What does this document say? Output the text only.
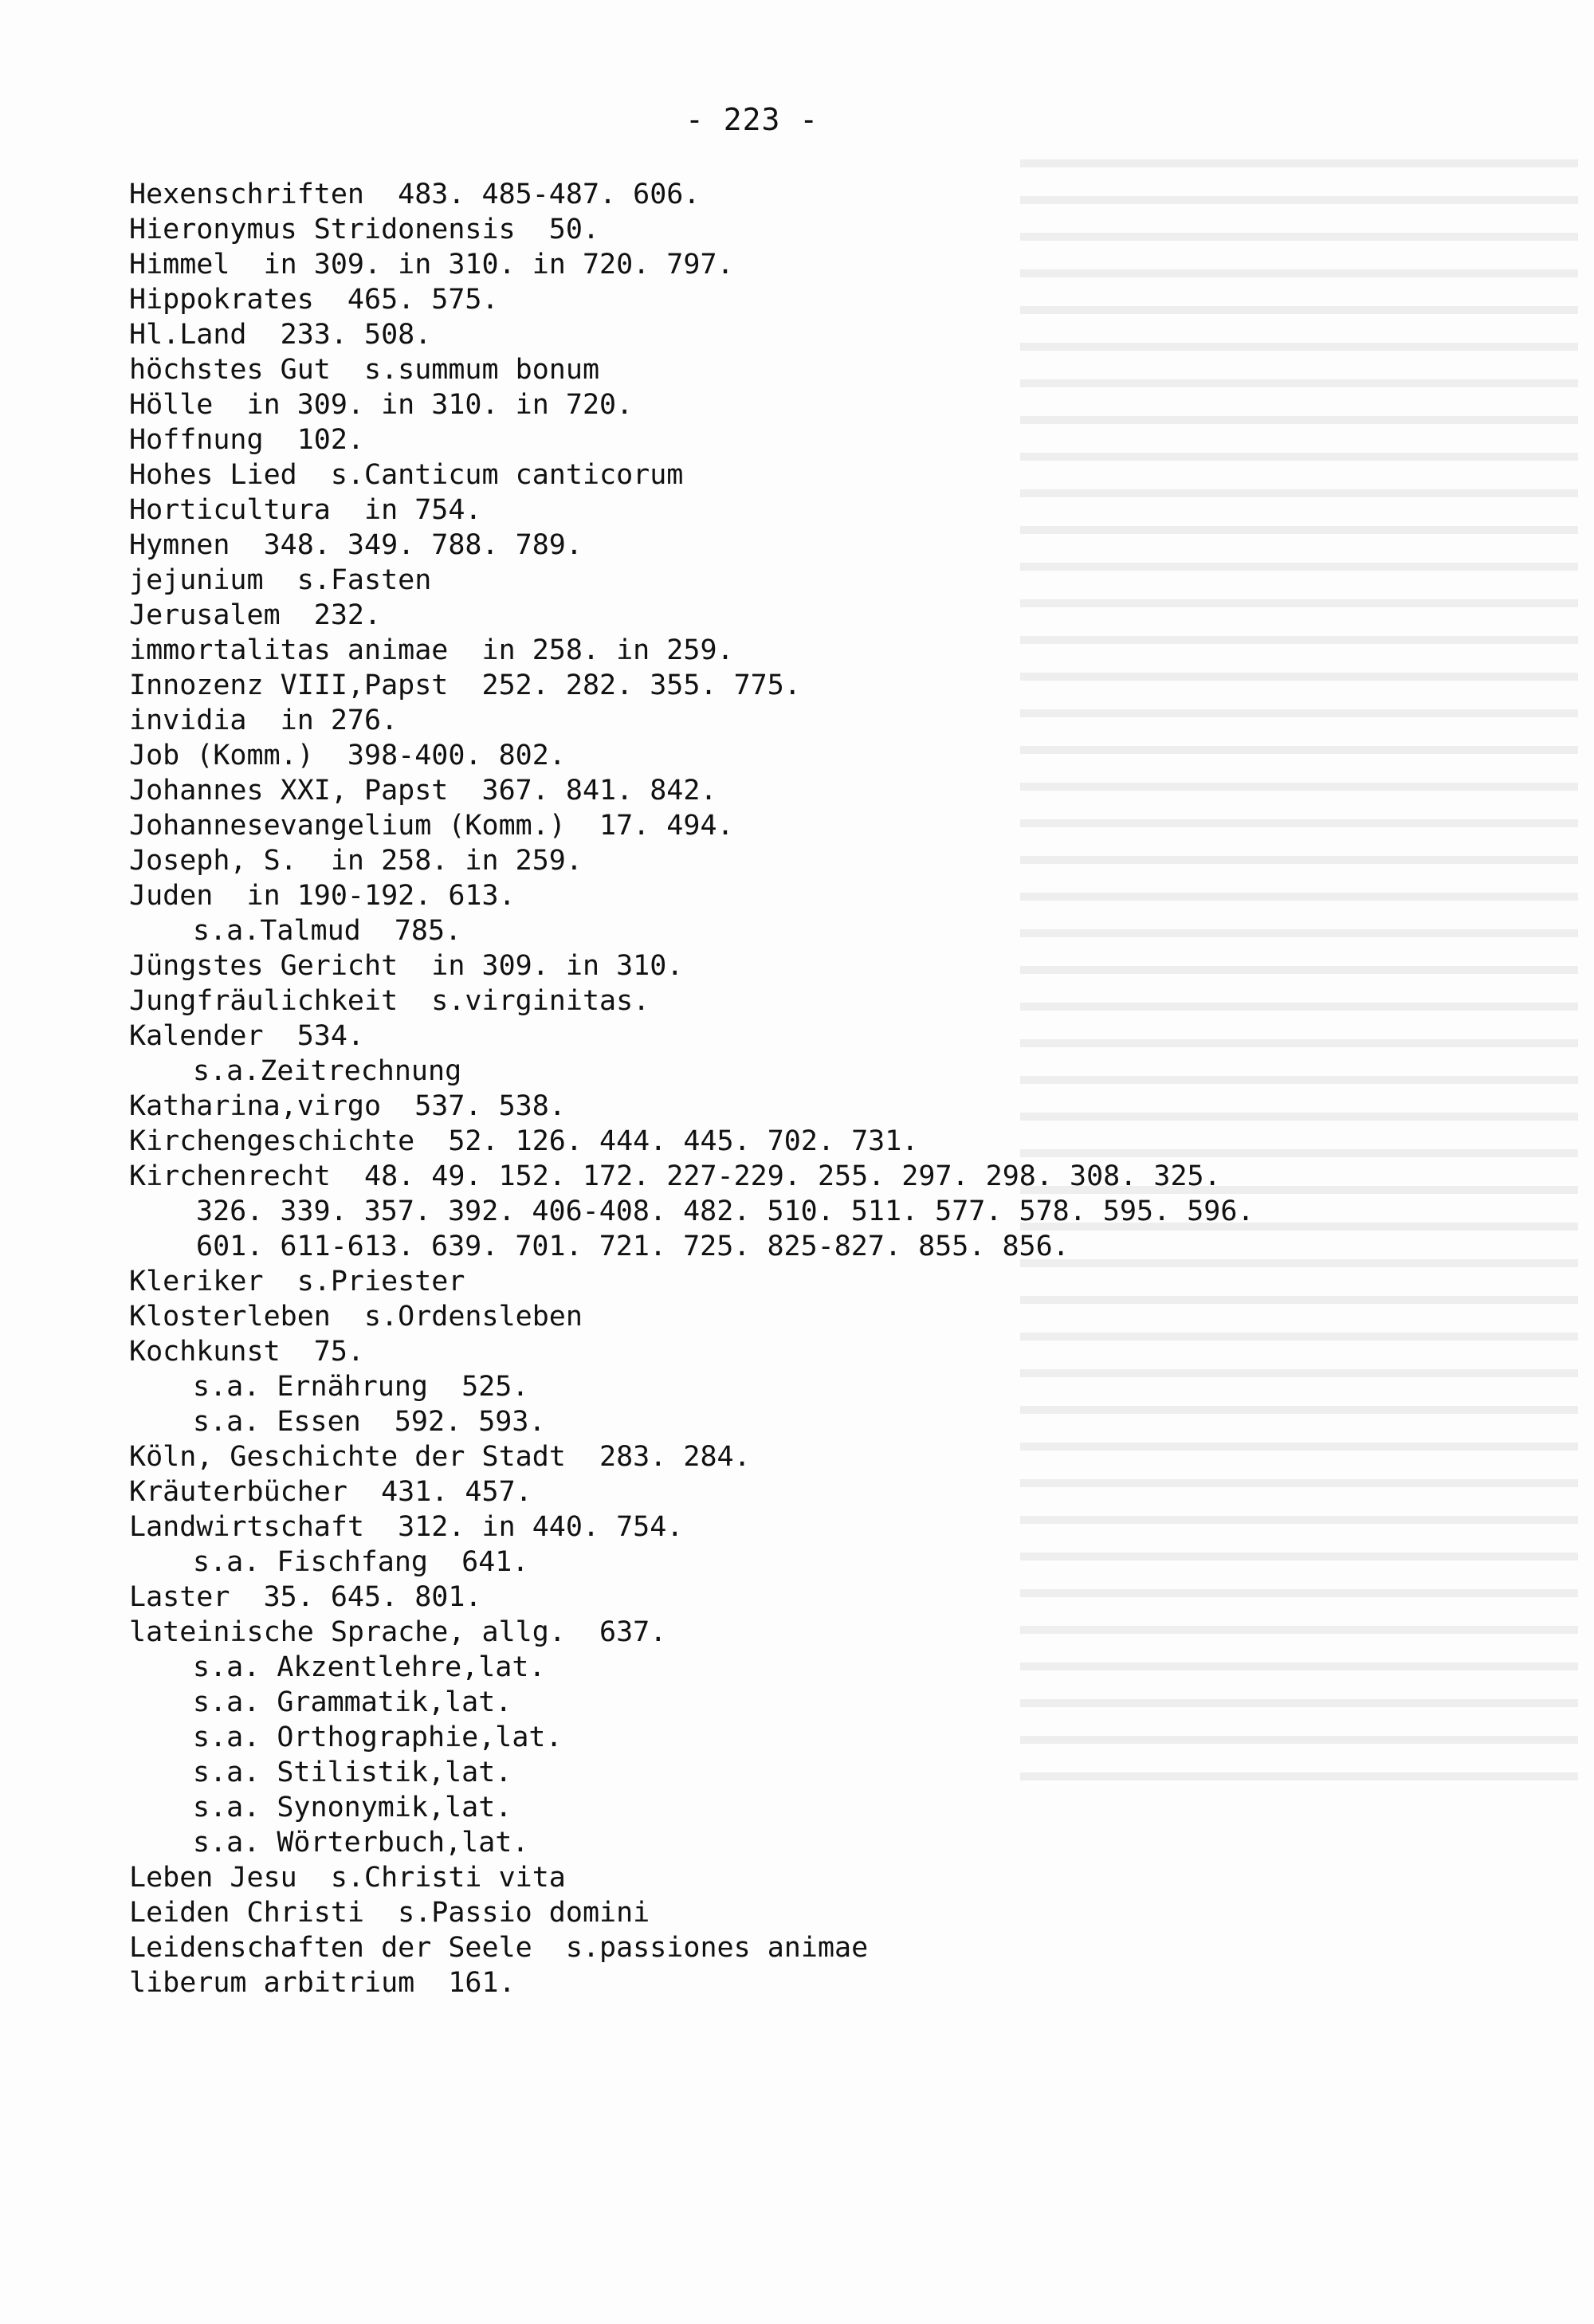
- 223 -
Hexenschriften  483. 485-487. 606.
Hieronymus Stridonensis  50.
Himmel  in 309. in 310. in 720. 797.
Hippokrates  465. 575.
Hl.Land  233. 508.
höchstes Gut  s.summum bonum
Hölle  in 309. in 310. in 720.
Hoffnung  102.
Hohes Lied  s.Canticum canticorum
Horticultura  in 754.
Hymnen  348. 349. 788. 789.
jejunium  s.Fasten
Jerusalem  232.
immortalitas animae  in 258. in 259.
Innozenz VIII,Papst  252. 282. 355. 775.
invidia  in 276.
Job (Komm.)  398-400. 802.
Johannes XXI, Papst  367. 841. 842.
Johannesevangelium (Komm.)  17. 494.
Joseph, S.  in 258. in 259.
Juden  in 190-192. 613.
s.a.Talmud  785.
Jüngstes Gericht  in 309. in 310.
Jungfräulichkeit  s.virginitas.
Kalender  534.
s.a.Zeitrechnung
Katharina,virgo  537. 538.
Kirchengeschichte  52. 126. 444. 445. 702. 731.
Kirchenrecht  48. 49. 152. 172. 227-229. 255. 297. 298. 308. 325.
326. 339. 357. 392. 406-408. 482. 510. 511. 577. 578. 595. 596.
601. 611-613. 639. 701. 721. 725. 825-827. 855. 856.
Kleriker  s.Priester
Klosterleben  s.Ordensleben
Kochkunst  75.
s.a. Ernährung  525.
s.a. Essen  592. 593.
Köln, Geschichte der Stadt  283. 284.
Kräuterbücher  431. 457.
Landwirtschaft  312. in 440. 754.
s.a. Fischfang  641.
Laster  35. 645. 801.
lateinische Sprache, allg.  637.
s.a. Akzentlehre,lat.
s.a. Grammatik,lat.
s.a. Orthographie,lat.
s.a. Stilistik,lat.
s.a. Synonymik,lat.
s.a. Wörterbuch,lat.
Leben Jesu  s.Christi vita
Leiden Christi  s.Passio domini
Leidenschaften der Seele  s.passiones animae
liberum arbitrium  161.
